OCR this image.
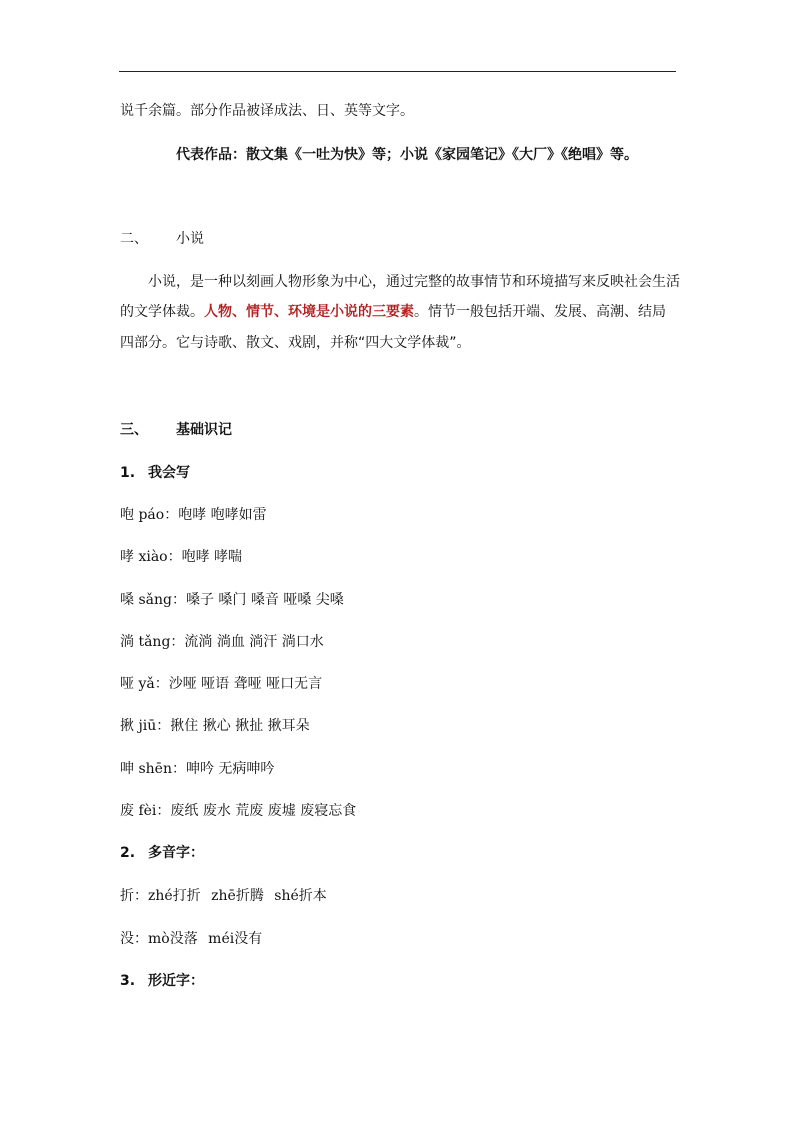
说千余篇。部分作品被译成法、日、英等文字。
代表作品：散文集《一吐为快》等；小说《家园笔记》《大厂》《绝唱》等。
二、 小说
小说，是一种以刻画人物形象为中心，通过完整的故事情节和环境描写来反映社会生活
的文学体裁。人物、情节、环境是小说的三要素。情节一般包括开端、发展、高潮、结局
四部分。它与诗歌、散文、戏剧，并称“四大文学体裁”。
三、 基础识记
1. 我会写
咆 páo：咆哮 咆哮如雷
哮 xiào：咆哮 哮喘
嗓 sǎng：嗓子 嗓门 嗓音 哑嗓 尖嗓
淌 tǎng：流淌 淌血 淌汗 淌口水
哑 yǎ：沙哑 哑语 聋哑 哑口无言
揪 jiū：揪住 揪心 揪扯 揪耳朵
呻 shēn：呻吟 无病呻吟
废 fèi：废纸 废水 荒废 废墟 废寝忘食
2. 多音字：
折：zhé打折 zhē折腾 shé折本
没：mò没落 méi没有
3. 形近字：
